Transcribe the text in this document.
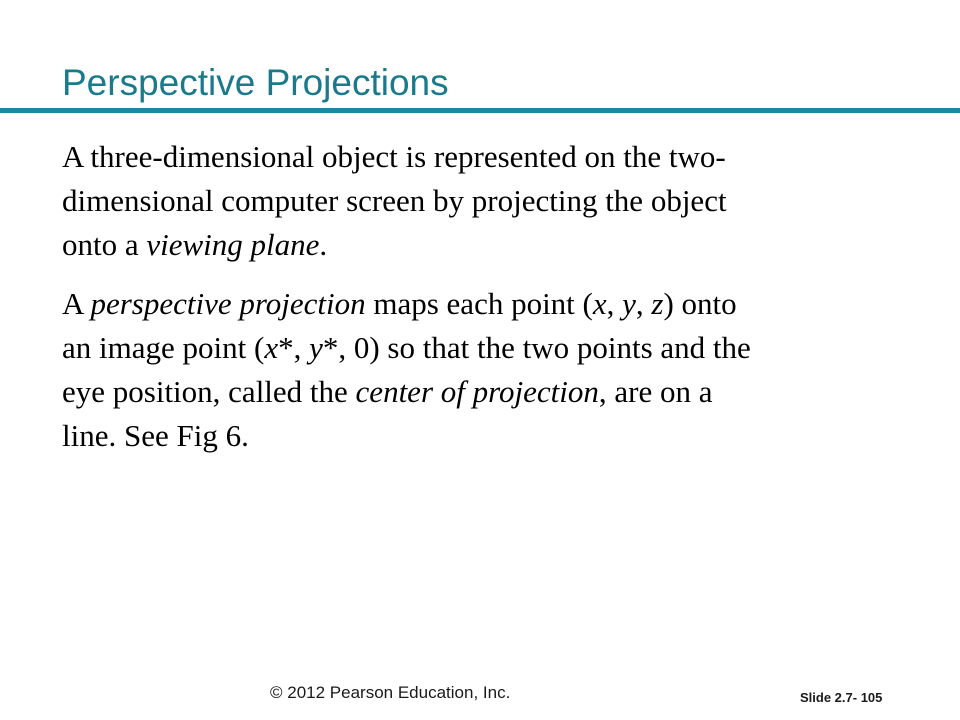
Perspective Projections

A three-dimensional object is represented on the two-
dimensional computer screen by projecting the object
onto a viewing plane.

A perspective projection maps each point (x, y, z) onto
an image point (x*, y*, 0) so that the two points and the
eye position, called the center of projection, are on a
line. See Fig 6.

© 2012 Pearson Education, Inc.	Slide 2.7- 105
